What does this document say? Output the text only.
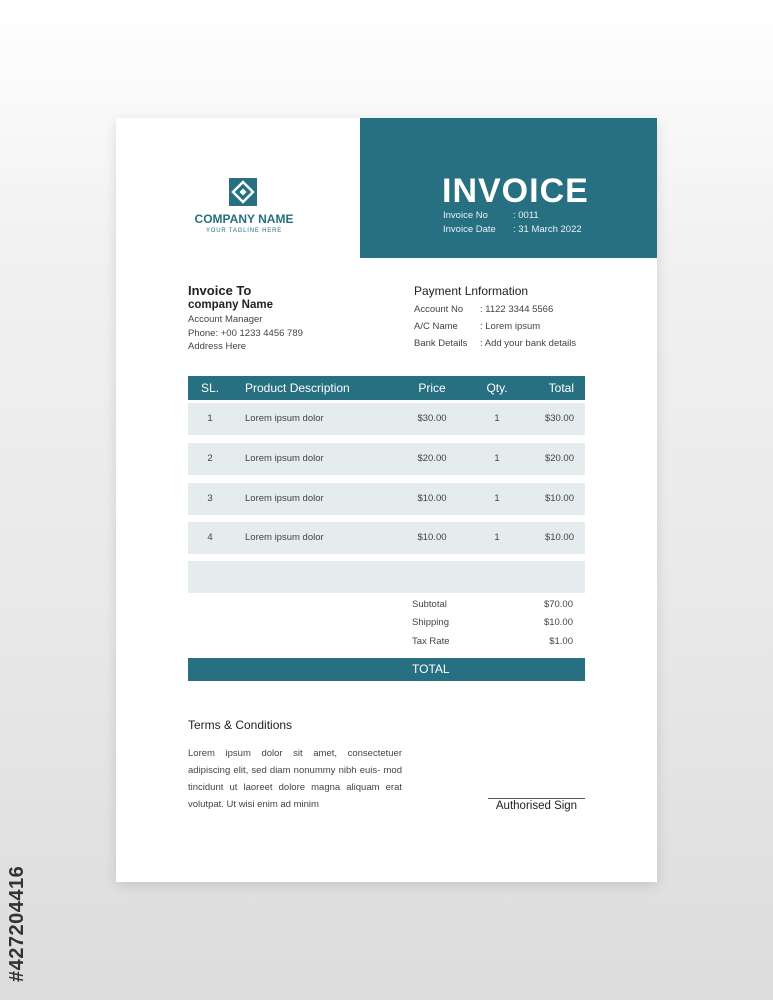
#427204416
INVOICE
Invoice No	: 0011
Invoice Date : 31 March 2022
COMPANY NAME
YOUR TAGLINE HERE
Invoice To
company Name
Account Manager
Phone: +00 1233 4456 789
Address Here
Payment Lnformation
Account No : 1122 3344 5566
A/C Name : Lorem ipsum
Bank Details : Add your bank details
SL.	Product Description	Price	Qty.	Total
1	Lorem ipsum dolor	$30.00	1	$30.00
2	Lorem ipsum dolor	$20.00	1	$20.00
3	Lorem ipsum dolor	$10.00	1	$10.00
4	Lorem ipsum dolor	$10.00	1	$10.00
Subtotal	$70.00
Shipping	$10.00
Tax Rate	$1.00
TOTAL	$81.00
Terms & Conditions
Lorem ipsum dolor sit amet, consectetuer adipiscing elit, sed diam nonummy nibh euis- mod tincidunt ut laoreet dolore magna aliquam erat volutpat. Ut wisi enim ad minim	Authorised Sign
